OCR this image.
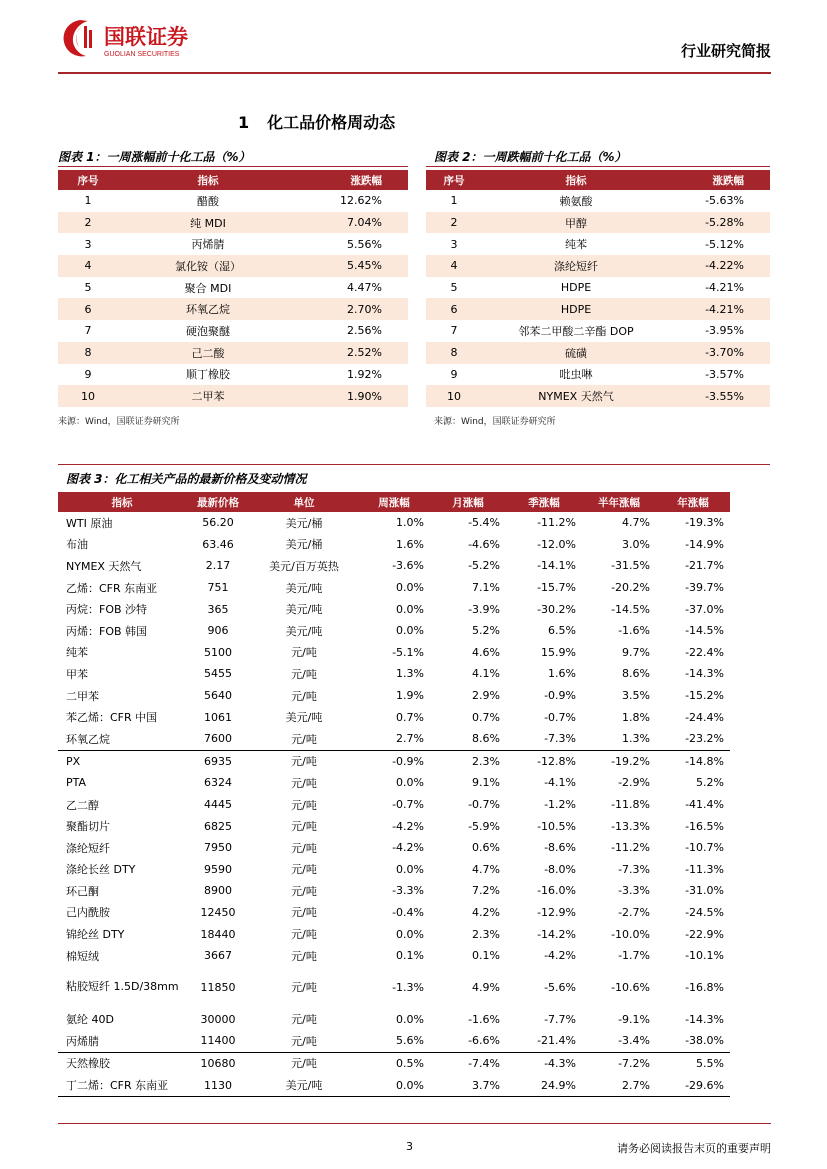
国联证券
GUOLIAN SECURITIES	行业研究简报
1 化工品价格周动态
图表 1：一周涨幅前十化工品（%）
序号	指标	涨跌幅
1	醋酸	12.62%
2	纯 MDI	7.04%
3	丙烯腈	5.56%
4	氯化铵（湿）	5.45%
5	聚合 MDI	4.47%
6	环氧乙烷	2.70%
7	硬泡聚醚	2.56%
8	己二酸	2.52%
9	顺丁橡胶	1.92%
10	二甲苯	1.90%
来源：Wind，国联证券研究所
图表 2：一周跌幅前十化工品（%）
序号	指标	涨跌幅
1	赖氨酸	-5.63%
2	甲醇	-5.28%
3	纯苯	-5.12%
4	涤纶短纤	-4.22%
5	HDPE	-4.21%
6	HDPE	-4.21%
7	邻苯二甲酸二辛酯 DOP	-3.95%
8	硫磺	-3.70%
9	吡虫啉	-3.57%
10	NYMEX 天然气	-3.55%
来源：Wind，国联证券研究所
图表 3：化工相关产品的最新价格及变动情况
指标	最新价格	单位	周涨幅	月涨幅	季涨幅	半年涨幅	年涨幅
WTI 原油	56.20	美元/桶	1.0%	-5.4%	-11.2%	4.7%	-19.3%
布油	63.46	美元/桶	1.6%	-4.6%	-12.0%	3.0%	-14.9%
NYMEX 天然气	2.17	美元/百万英热	-3.6%	-5.2%	-14.1%	-31.5%	-21.7%
乙烯：CFR 东南亚	751	美元/吨	0.0%	7.1%	-15.7%	-20.2%	-39.7%
丙烷：FOB 沙特	365	美元/吨	0.0%	-3.9%	-30.2%	-14.5%	-37.0%
丙烯：FOB 韩国	906	美元/吨	0.0%	5.2%	6.5%	-1.6%	-14.5%
纯苯	5100	元/吨	-5.1%	4.6%	15.9%	9.7%	-22.4%
甲苯	5455	元/吨	1.3%	4.1%	1.6%	8.6%	-14.3%
二甲苯	5640	元/吨	1.9%	2.9%	-0.9%	3.5%	-15.2%
苯乙烯：CFR 中国	1061	美元/吨	0.7%	0.7%	-0.7%	1.8%	-24.4%
环氧乙烷	7600	元/吨	2.7%	8.6%	-7.3%	1.3%	-23.2%
PX	6935	元/吨	-0.9%	2.3%	-12.8%	-19.2%	-14.8%
PTA	6324	元/吨	0.0%	9.1%	-4.1%	-2.9%	5.2%
乙二醇	4445	元/吨	-0.7%	-0.7%	-1.2%	-11.8%	-41.4%
聚酯切片	6825	元/吨	-4.2%	-5.9%	-10.5%	-13.3%	-16.5%
涤纶短纤	7950	元/吨	-4.2%	0.6%	-8.6%	-11.2%	-10.7%
涤纶长丝 DTY	9590	元/吨	0.0%	4.7%	-8.0%	-7.3%	-11.3%
环己酮	8900	元/吨	-3.3%	7.2%	-16.0%	-3.3%	-31.0%
己内酰胺	12450	元/吨	-0.4%	4.2%	-12.9%	-2.7%	-24.5%
锦纶丝 DTY	18440	元/吨	0.0%	2.3%	-14.2%	-10.0%	-22.9%
棉短绒	3667	元/吨	0.1%	0.1%	-4.2%	-1.7%	-10.1%
粘胶短纤 1.5D/38mm	11850	元/吨	-1.3%	4.9%	-5.6%	-10.6%	-16.8%
氨纶 40D	30000	元/吨	0.0%	-1.6%	-7.7%	-9.1%	-14.3%
丙烯腈	11400	元/吨	5.6%	-6.6%	-21.4%	-3.4%	-38.0%
天然橡胶	10680	元/吨	0.5%	-7.4%	-4.3%	-7.2%	5.5%
丁二烯：CFR 东南亚	1130	美元/吨	0.0%	3.7%	24.9%	2.7%	-29.6%
3	请务必阅读报告末页的重要声明
